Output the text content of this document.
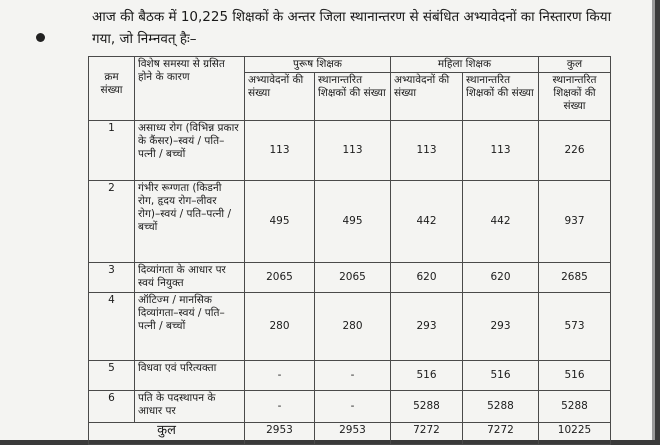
आज की बैठक में 10,225 शिक्षकों के अन्तर जिला स्थानान्तरण से संबंधित अभ्यावेदनों का निस्तारण किया गया, जो निम्नवत् हैः–
क्रम संख्या	विशेष समस्या से ग्रसित होने के कारण	पुरूष शिक्षक		महिला शिक्षक		कुल
		अभ्यावेदनों की संख्या	स्थानान्तरित शिक्षकों की संख्या	अभ्यावेदनों की संख्या	स्थानान्तरित शिक्षकों की संख्या	स्थानान्तरित शिक्षकों की संख्या
1	असाध्य रोग (विभिन्न प्रकार के कैंसर)–स्वयं / पति–पत्नी / बच्चों	113	113	113	113	226
2	गंभीर रूग्णता (किडनी रोग, हृदय रोग–लीवर रोग)–स्वयं / पति–पत्नी / बच्चों	495	495	442	442	937
3	दिव्यांगता के आधार पर स्वयं नियुक्त	2065	2065	620	620	2685
4	ऑटिज्म / मानसिक दिव्यांगता–स्वयं / पति–पत्नी / बच्चों	280	280	293	293	573
5	विधवा एवं परित्यक्ता	-	-	516	516	516
6	पति के पदस्थापन के आधार पर	-	-	5288	5288	5288
कुल		2953	2953	7272	7272	10225
